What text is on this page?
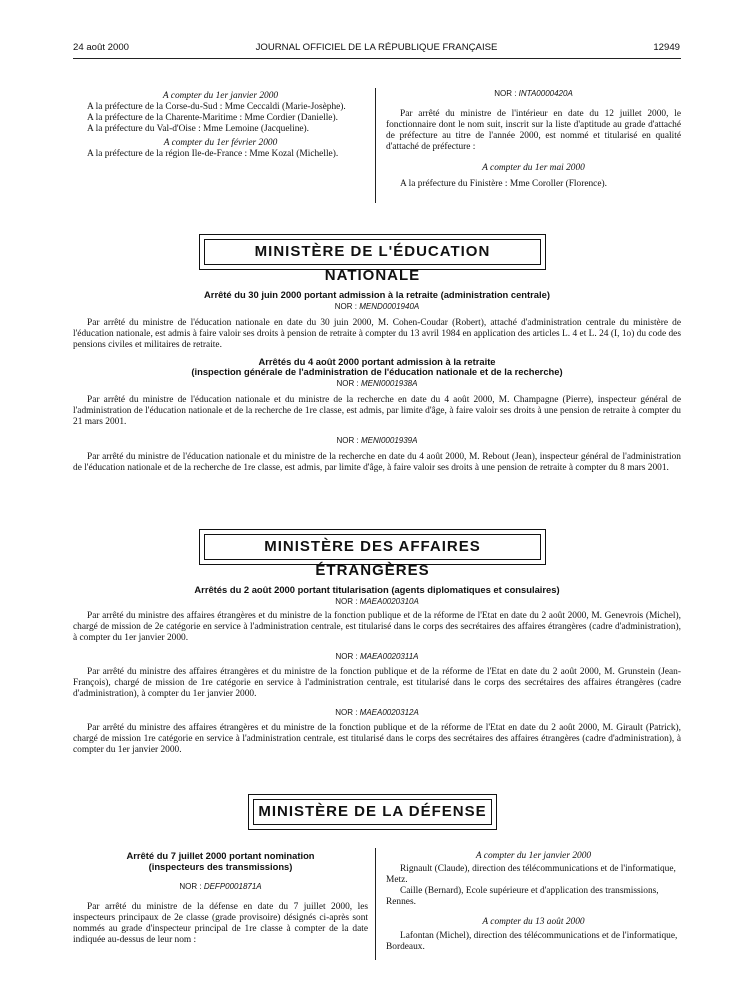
24 août 2000	JOURNAL OFFICIEL DE LA RÉPUBLIQUE FRANÇAISE	12949

A compter du 1er janvier 2000

A la préfecture de la Corse-du-Sud : Mme Ceccaldi (Marie-Josèphe).

A la préfecture de la Charente-Maritime : Mme Cordier (Danielle).

A la préfecture du Val-d'Oise : Mme Lemoine (Jacqueline).

A compter du 1er février 2000

A la préfecture de la région Ile-de-France : Mme Kozal (Michelle).

NOR : INTA0000420A

Par arrêté du ministre de l'intérieur en date du 12 juillet 2000, le fonctionnaire dont le nom suit, inscrit sur la liste d'aptitude au grade d'attaché de préfecture au titre de l'année 2000, est nommé et titularisé en qualité d'attaché de préfecture :

A compter du 1er mai 2000

A la préfecture du Finistère : Mme Coroller (Florence).

MINISTÈRE DE L'ÉDUCATION NATIONALE

Arrêté du 30 juin 2000 portant admission à la retraite (administration centrale)

NOR : MEND0001940A

Par arrêté du ministre de l'éducation nationale en date du 30 juin 2000, M. Cohen-Coudar (Robert), attaché d'administration centrale du ministère de l'éducation nationale, est admis à faire valoir ses droits à pension de retraite à compter du 13 avril 1984 en application des articles L. 4 et L. 24 (I, 1o) du code des pensions civiles et militaires de retraite.

Arrêtés du 4 août 2000 portant admission à la retraite

(inspection générale de l'administration de l'éducation nationale et de la recherche)

NOR : MENI0001938A

Par arrêté du ministre de l'éducation nationale et du ministre de la recherche en date du 4 août 2000, M. Champagne (Pierre), inspecteur général de l'administration de l'éducation nationale et de la recherche de 1re classe, est admis, par limite d'âge, à faire valoir ses droits à une pension de retraite à compter du 21 mars 2001.

NOR : MENI0001939A

Par arrêté du ministre de l'éducation nationale et du ministre de la recherche en date du 4 août 2000, M. Rebout (Jean), inspecteur général de l'administration de l'éducation nationale et de la recherche de 1re classe, est admis, par limite d'âge, à faire valoir ses droits à une pension de retraite à compter du 8 mars 2001.

MINISTÈRE DES AFFAIRES ÉTRANGÈRES

Arrêtés du 2 août 2000 portant titularisation (agents diplomatiques et consulaires)

NOR : MAEA0020310A

Par arrêté du ministre des affaires étrangères et du ministre de la fonction publique et de la réforme de l'Etat en date du 2 août 2000, M. Genevrois (Michel), chargé de mission de 2e catégorie en service à l'administration centrale, est titularisé dans le corps des secrétaires des affaires étrangères (cadre d'administration), à compter du 1er janvier 2000.

NOR : MAEA0020311A

Par arrêté du ministre des affaires étrangères et du ministre de la fonction publique et de la réforme de l'Etat en date du 2 août 2000, M. Grunstein (Jean-François), chargé de mission de 1re catégorie en service à l'administration centrale, est titularisé dans le corps des secrétaires des affaires étrangères (cadre d'administration), à compter du 1er janvier 2000.

NOR : MAEA0020312A

Par arrêté du ministre des affaires étrangères et du ministre de la fonction publique et de la réforme de l'Etat en date du 2 août 2000, M. Girault (Patrick), chargé de mission 1re catégorie en service à l'administration centrale, est titularisé dans le corps des secrétaires des affaires étrangères (cadre d'administration), à compter du 1er janvier 2000.

MINISTÈRE DE LA DÉFENSE

Arrêté du 7 juillet 2000 portant nomination

(inspecteurs des transmissions)

NOR : DEFP0001871A

Par arrêté du ministre de la défense en date du 7 juillet 2000, les inspecteurs principaux de 2e classe (grade provisoire) désignés ci-après sont nommés au grade d'inspecteur principal de 1re classe à compter de la date indiquée au-dessus de leur nom :

A compter du 1er janvier 2000

Rignault (Claude), direction des télécommunications et de l'informatique, Metz.

Caille (Bernard), Ecole supérieure et d'application des transmissions, Rennes.

A compter du 13 août 2000

Lafontan (Michel), direction des télécommunications et de l'informatique, Bordeaux.
